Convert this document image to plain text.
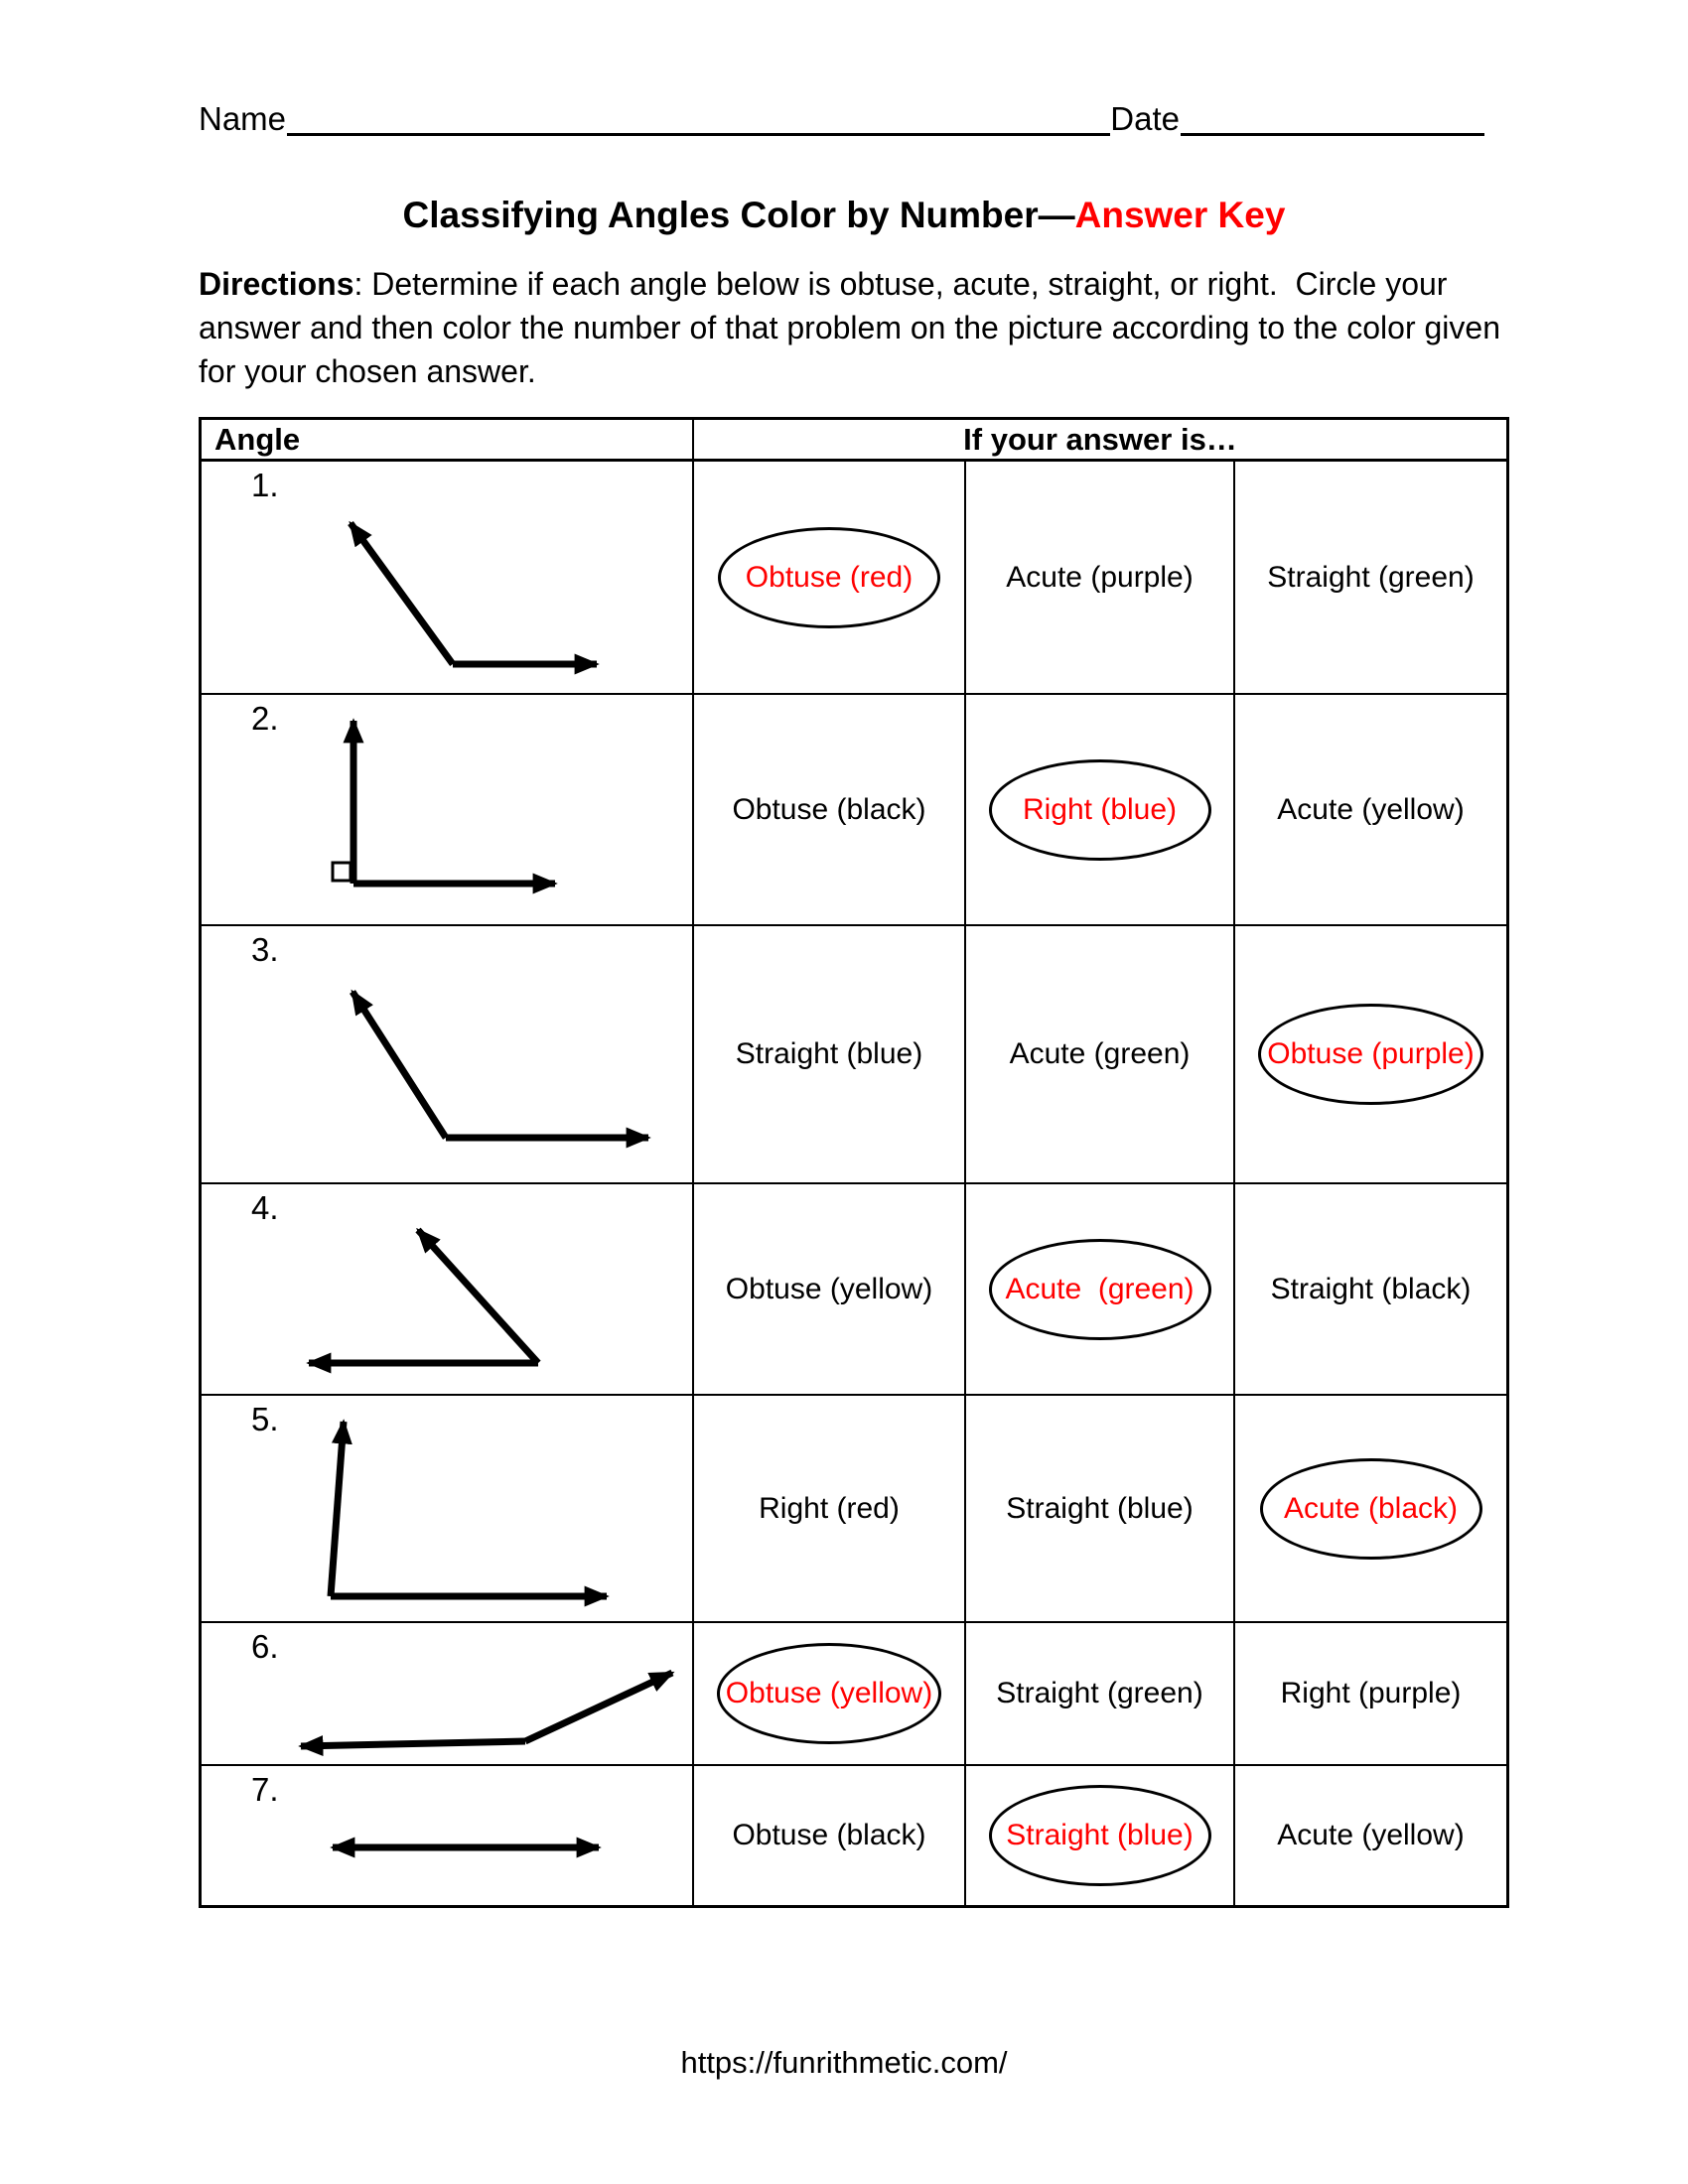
Name	Date
Classifying Angles Color by Number—Answer Key
Directions: Determine if each angle below is obtuse, acute, straight, or right.  Circle your answer and then color the number of that problem on the picture according to the color given for your chosen answer.
Angle	If your answer is…
1.
Obtuse (red)	Acute (purple) Straight (green)
2.
Obtuse (black)	Right (blue)	Acute (yellow)
3.
Straight (blue)	Acute (green)	Obtuse (purple)
4.
Obtuse (yellow) Acute  (green)	Straight (black)
5.
Right (red)	Straight (blue)	Acute (black)
6.
Obtuse (yellow) Straight (green)	Right (purple)
7.
Obtuse (black)	Straight (blue)	Acute (yellow)
https://funrithmetic.com/
